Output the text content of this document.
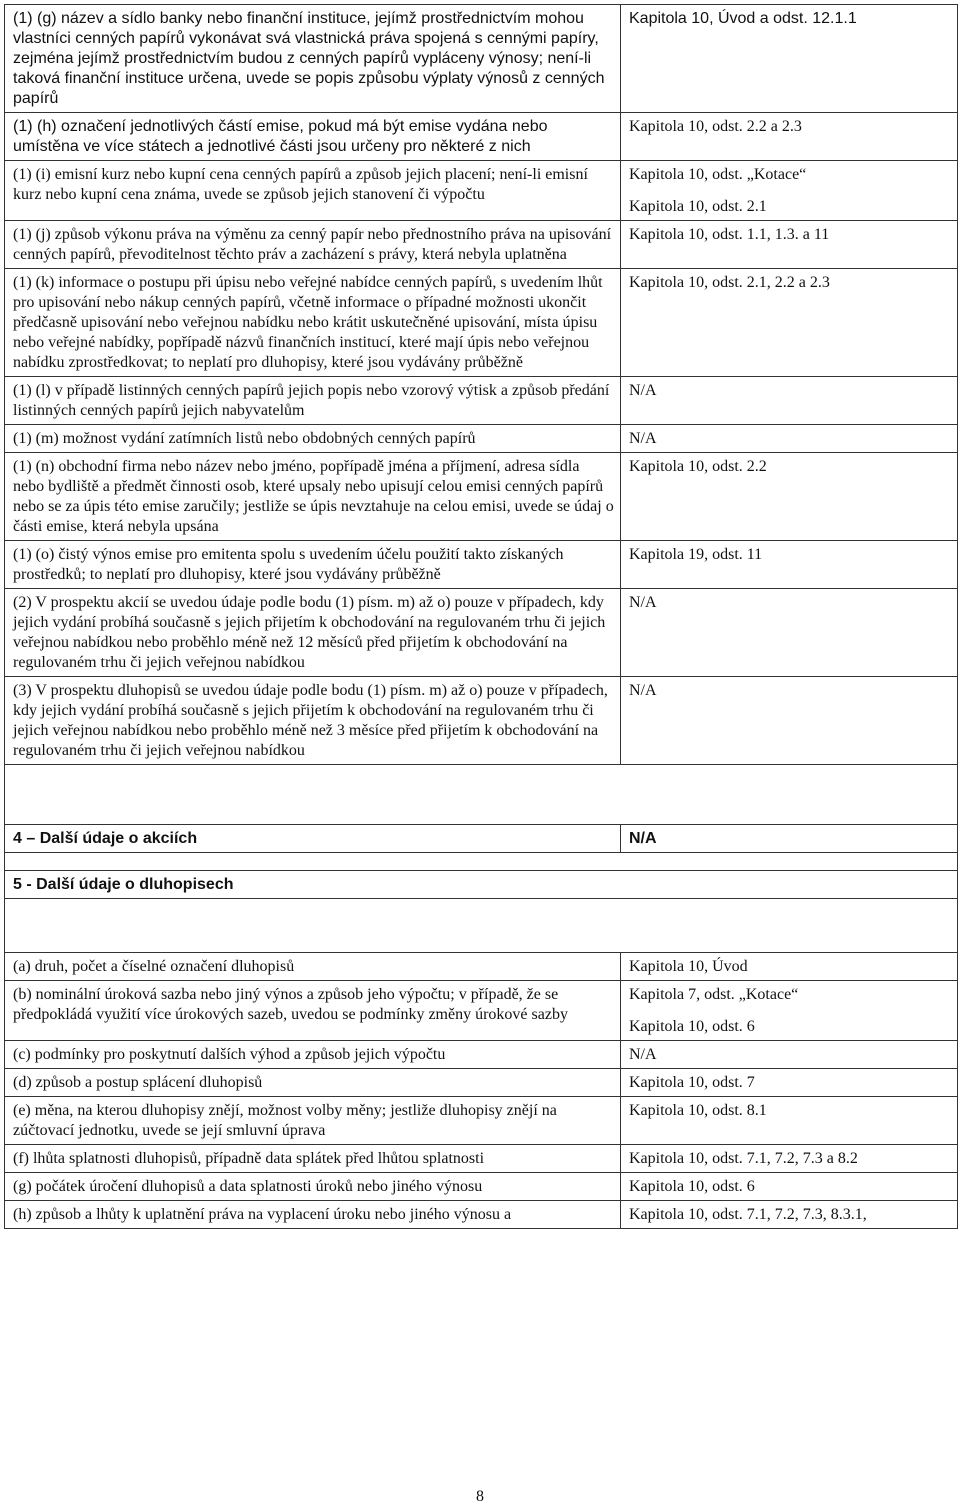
(1) (g) název a sídlo banky nebo finanční instituce, jejímž prostřednictvím mohou vlastníci cenných papírů vykonávat svá vlastnická práva spojená s cennými papíry, zejména jejímž prostřednictvím budou z cenných papírů vypláceny výnosy; není-li taková finanční instituce určena, uvede se popis způsobu výplaty výnosů z cenných papírů	Kapitola 10, Úvod a odst. 12.1.1

(1) (h) označení jednotlivých částí emise, pokud má být emise vydána nebo umístěna ve více státech a jednotlivé části jsou určeny pro některé z nich	Kapitola 10, odst. 2.2 a 2.3

(1) (i) emisní kurz nebo kupní cena cenných papírů a způsob jejich placení; není-li emisní kurz nebo kupní cena známa, uvede se způsob jejich stanovení či výpočtu	Kapitola 10, odst. „Kotace“
Kapitola 10, odst. 2.1

(1) (j) způsob výkonu práva na výměnu za cenný papír nebo přednostního práva na upisování cenných papírů, převoditelnost těchto práv a zacházení s právy, která nebyla uplatněna	Kapitola 10, odst. 1.1, 1.3. a 11

(1) (k) informace o postupu při úpisu nebo veřejné nabídce cenných papírů, s uvedením lhůt pro upisování nebo nákup cenných papírů, včetně informace o případné možnosti ukončit předčasně upisování nebo veřejnou nabídku nebo krátit uskutečněné upisování, místa úpisu nebo veřejné nabídky, popřípadě názvů finančních institucí, které mají úpis nebo veřejnou nabídku zprostředkovat; to neplatí pro dluhopisy, které jsou vydávány průběžně	Kapitola 10, odst. 2.1, 2.2 a 2.3

(1) (l) v případě listinných cenných papírů jejich popis nebo vzorový výtisk a způsob předání listinných cenných papírů jejich nabyvatelům	N/A

(1) (m) možnost vydání zatímních listů nebo obdobných cenných papírů	N/A

(1) (n) obchodní firma nebo název nebo jméno, popřípadě jména a příjmení, adresa sídla nebo bydliště a předmět činnosti osob, které upsaly nebo upisují celou emisi cenných papírů nebo se za úpis této emise zaručily; jestliže se úpis nevztahuje na celou emisi, uvede se údaj o části emise, která nebyla upsána	Kapitola 10, odst. 2.2

(1) (o) čistý výnos emise pro emitenta spolu s uvedením účelu použití takto získaných prostředků; to neplatí pro dluhopisy, které jsou vydávány průběžně	Kapitola 19, odst. 11

(2) V prospektu akcií se uvedou údaje podle bodu (1) písm. m) až o) pouze v případech, kdy jejich vydání probíhá současně s jejich přijetím k obchodování na regulovaném trhu či jejich veřejnou nabídkou nebo proběhlo méně než 12 měsíců před přijetím k obchodování na regulovaném trhu či jejich veřejnou nabídkou	N/A

(3) V prospektu dluhopisů se uvedou údaje podle bodu (1) písm. m) až o) pouze v případech, kdy jejich vydání probíhá současně s jejich přijetím k obchodování na regulovaném trhu či jejich veřejnou nabídkou nebo proběhlo méně než 3 měsíce před přijetím k obchodování na regulovaném trhu či jejich veřejnou nabídkou	N/A

4 – Další údaje o akciích	N/A

5 - Další údaje o dluhopisech	

(a) druh, počet a číselné označení dluhopisů	Kapitola 10, Úvod

(b) nominální úroková sazba nebo jiný výnos a způsob jeho výpočtu; v případě, že se předpokládá využití více úrokových sazeb, uvedou se podmínky změny úrokové sazby	Kapitola 7, odst. „Kotace“
Kapitola 10, odst. 6

(c) podmínky pro poskytnutí dalších výhod a způsob jejich výpočtu	N/A

(d) způsob a postup splácení dluhopisů	Kapitola 10, odst. 7

(e) měna, na kterou dluhopisy znějí, možnost volby měny; jestliže dluhopisy znějí na zúčtovací jednotku, uvede se její smluvní úprava	Kapitola 10, odst. 8.1

(f) lhůta splatnosti dluhopisů, případně data splátek před lhůtou splatnosti	Kapitola 10, odst. 7.1, 7.2, 7.3 a 8.2

(g) počátek úročení dluhopisů a data splatnosti úroků nebo jiného výnosu	Kapitola 10, odst. 6

(h) způsob a lhůty k uplatnění práva na vyplacení úroku nebo jiného výnosu a	Kapitola 10, odst. 7.1, 7.2, 7.3, 8.3.1,
8
